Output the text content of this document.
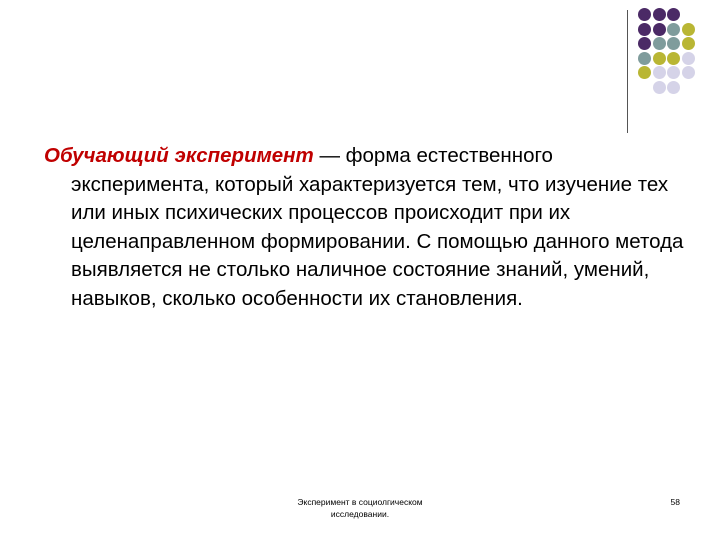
Обучающий эксперимент — форма естественного эксперимента, который характеризуется тем, что изучение тех или иных психических процессов происходит при их целенаправленном формировании. С помощью данного метода выявляется не столько наличное состояние знаний, умений, навыков, сколько особенности их становления.

Эксперимент в социолгическом
исследовании.
58
